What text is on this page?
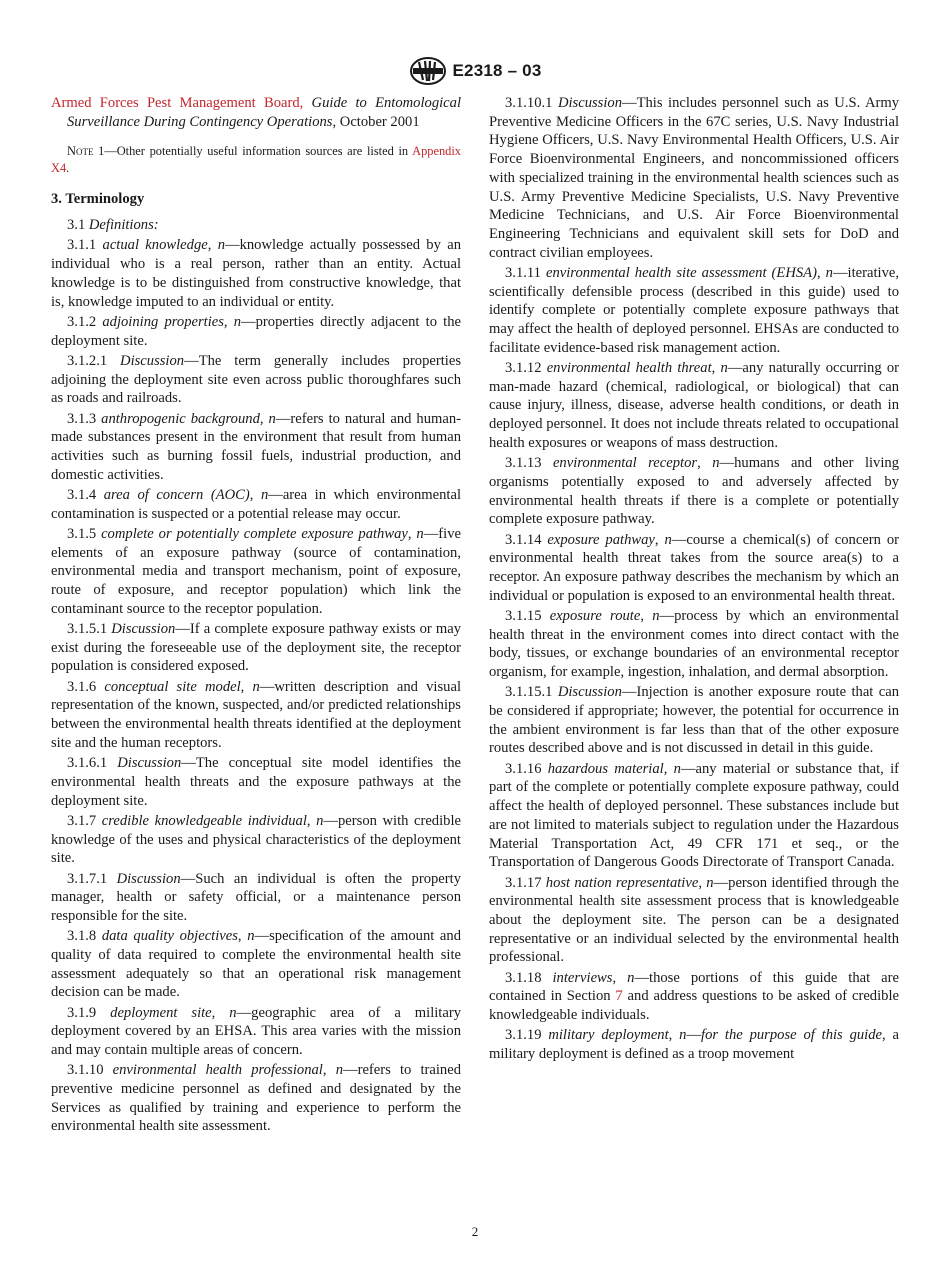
E2318 – 03

Armed Forces Pest Management Board, Guide to Entomological Surveillance During Contingency Operations, October 2001

Note 1—Other potentially useful information sources are listed in Appendix X4.

3. Terminology

3.1 Definitions:

3.1.1 actual knowledge, n—knowledge actually possessed by an individual who is a real person, rather than an entity. Actual knowledge is to be distinguished from constructive knowledge, that is, knowledge imputed to an individual or entity.

3.1.2 adjoining properties, n—properties directly adjacent to the deployment site.

3.1.2.1 Discussion—The term generally includes properties adjoining the deployment site even across public thoroughfares such as roads and railroads.

3.1.3 anthropogenic background, n—refers to natural and human-made substances present in the environment that result from human activities such as burning fossil fuels, industrial production, and domestic activities.

3.1.4 area of concern (AOC), n—area in which environmental contamination is suspected or a potential release may occur.

3.1.5 complete or potentially complete exposure pathway, n—five elements of an exposure pathway (source of contamination, environmental media and transport mechanism, point of exposure, route of exposure, and receptor population) which link the contaminant source to the receptor population.

3.1.5.1 Discussion—If a complete exposure pathway exists or may exist during the foreseeable use of the deployment site, the receptor population is considered exposed.

3.1.6 conceptual site model, n—written description and visual representation of the known, suspected, and/or predicted relationships between the environmental health threats identified at the deployment site and the human receptors.

3.1.6.1 Discussion—The conceptual site model identifies the environmental health threats and the exposure pathways at the deployment site.

3.1.7 credible knowledgeable individual, n—person with credible knowledge of the uses and physical characteristics of the deployment site.

3.1.7.1 Discussion—Such an individual is often the property manager, health or safety official, or a maintenance person responsible for the site.

3.1.8 data quality objectives, n—specification of the amount and quality of data required to complete the environmental health site assessment adequately so that an operational risk management decision can be made.

3.1.9 deployment site, n—geographic area of a military deployment covered by an EHSA. This area varies with the mission and may contain multiple areas of concern.

3.1.10 environmental health professional, n—refers to trained preventive medicine personnel as defined and designated by the Services as qualified by training and experience to perform the environmental health site assessment.

3.1.10.1 Discussion—This includes personnel such as U.S. Army Preventive Medicine Officers in the 67C series, U.S. Navy Industrial Hygiene Officers, U.S. Navy Environmental Health Officers, U.S. Air Force Bioenvironmental Engineers, and noncommissioned officers with specialized training in the environmental health sciences such as U.S. Army Preventive Medicine Specialists, U.S. Navy Preventive Medicine Technicians, and U.S. Air Force Bioenvironmental Engineering Technicians and equivalent skill sets for DoD and contract civilian employees.

3.1.11 environmental health site assessment (EHSA), n—iterative, scientifically defensible process (described in this guide) used to identify complete or potentially complete exposure pathways that may affect the health of deployed personnel. EHSAs are conducted to facilitate evidence-based risk management action.

3.1.12 environmental health threat, n—any naturally occurring or man-made hazard (chemical, radiological, or biological) that can cause injury, illness, disease, adverse health conditions, or death in deployed personnel. It does not include threats related to occupational health exposures or weapons of mass destruction.

3.1.13 environmental receptor, n—humans and other living organisms potentially exposed to and adversely affected by environmental health threats if there is a complete or potentially complete exposure pathway.

3.1.14 exposure pathway, n—course a chemical(s) of concern or environmental health threat takes from the source area(s) to a receptor. An exposure pathway describes the mechanism by which an individual or population is exposed to an environmental health threat.

3.1.15 exposure route, n—process by which an environmental health threat in the environment comes into direct contact with the body, tissues, or exchange boundaries of an environmental receptor organism, for example, ingestion, inhalation, and dermal absorption.

3.1.15.1 Discussion—Injection is another exposure route that can be considered if appropriate; however, the potential for occurrence in the ambient environment is far less than that of the other exposure routes described above and is not discussed in detail in this guide.

3.1.16 hazardous material, n—any material or substance that, if part of the complete or potentially complete exposure pathway, could affect the health of deployed personnel. These substances include but are not limited to materials subject to regulation under the Hazardous Material Transportation Act, 49 CFR 171 et seq., or the Transportation of Dangerous Goods Directorate of Transport Canada.

3.1.17 host nation representative, n—person identified through the environmental health site assessment process that is knowledgeable about the deployment site. The person can be a designated representative or an individual selected by the environmental health professional.

3.1.18 interviews, n—those portions of this guide that are contained in Section 7 and address questions to be asked of credible knowledgeable individuals.

3.1.19 military deployment, n—for the purpose of this guide, a military deployment is defined as a troop movement

2
